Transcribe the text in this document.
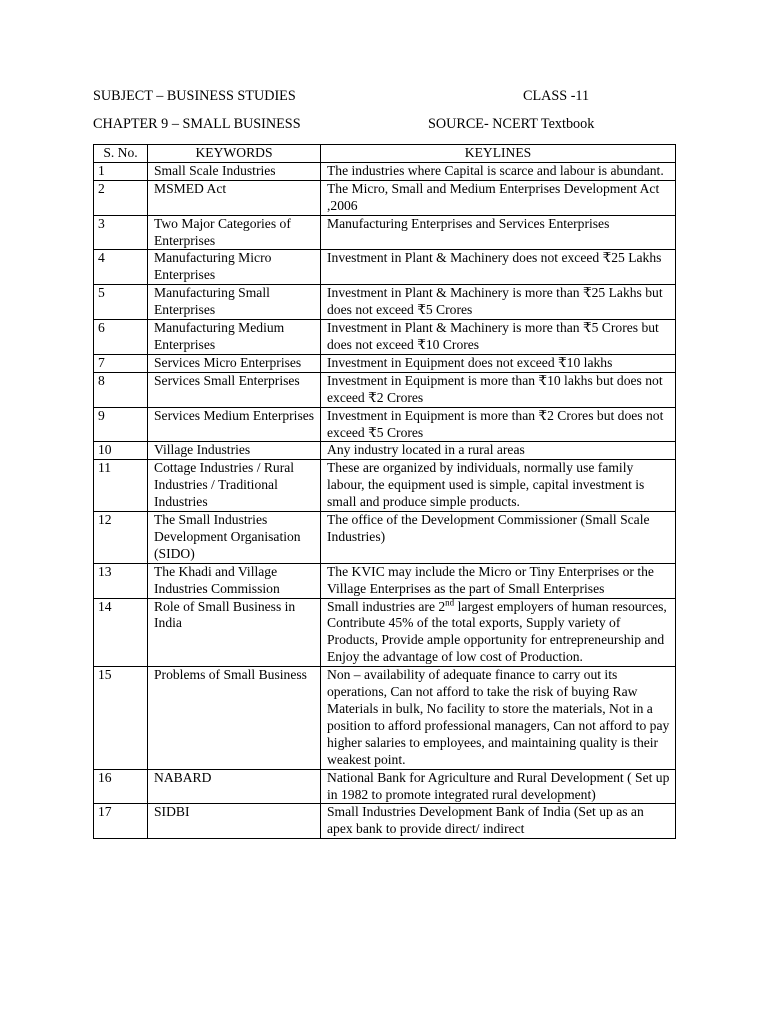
SUBJECT – BUSINESS STUDIES	CLASS -11
CHAPTER 9 – SMALL BUSINESS	SOURCE- NCERT Textbook
S. No.	KEYWORDS	KEYLINES
1	Small Scale Industries	The industries where Capital is scarce and labour is abundant.
2	MSMED Act	The Micro, Small and Medium Enterprises Development Act ,2006
3	Two Major Categories of Enterprises	Manufacturing Enterprises and Services Enterprises
4	Manufacturing Micro Enterprises	Investment in Plant & Machinery does not exceed ₹25 Lakhs
5	Manufacturing Small Enterprises	Investment in Plant & Machinery is more than ₹25 Lakhs but does not exceed ₹5 Crores
6	Manufacturing Medium Enterprises	Investment in Plant & Machinery is more than ₹5 Crores but does not exceed ₹10 Crores
7	Services Micro Enterprises	Investment in Equipment does not exceed ₹10 lakhs
8	Services Small Enterprises	Investment in Equipment is more than ₹10 lakhs but does not exceed ₹2 Crores
9	Services Medium Enterprises	Investment in Equipment is more than ₹2 Crores but does not exceed ₹5 Crores
10	Village Industries	Any industry located in a rural areas
11	Cottage Industries / Rural Industries / Traditional Industries	These are organized by individuals, normally use family labour, the equipment used is simple, capital investment is small and produce simple products.
12	The Small Industries Development Organisation (SIDO)	The office of the Development Commissioner (Small Scale Industries)
13	The Khadi and Village Industries Commission	The KVIC may include the Micro or Tiny Enterprises or the Village Enterprises as the part of Small Enterprises
14	Role of Small Business in India	Small industries are 2nd largest employers of human resources, Contribute 45% of the total exports, Supply variety of Products, Provide ample opportunity for entrepreneurship and Enjoy the advantage of low cost of Production.
15	Problems of Small Business	Non – availability of adequate finance to carry out its operations, Can not afford to take the risk of buying Raw Materials in bulk, No facility to store the materials, Not in a position to afford professional managers, Can not afford to pay higher salaries to employees, and maintaining quality is their weakest point.
16	NABARD	National Bank for Agriculture and Rural Development ( Set up in 1982 to promote integrated rural development)
17	SIDBI	Small Industries Development Bank of India (Set up as an apex bank to provide direct/ indirect
